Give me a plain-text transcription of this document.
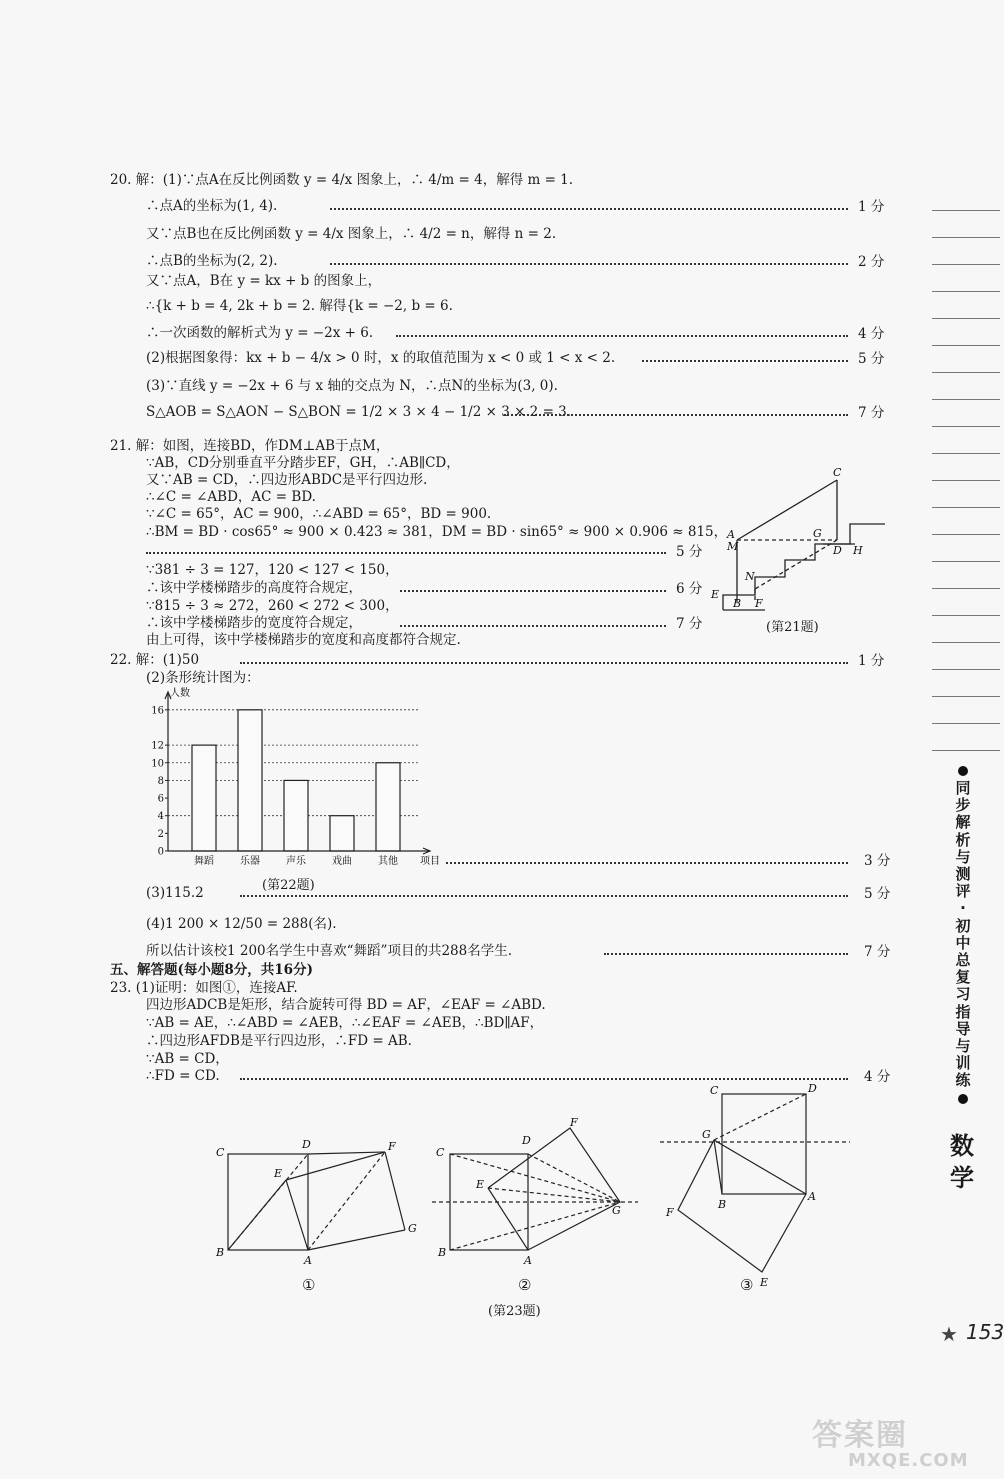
20. 解：(1)∵点A在反比例函数 y = 4/x 图象上，∴ 4/m = 4，解得 m = 1.
∴点A的坐标为(1, 4).	1 分
又∵点B也在反比例函数 y = 4/x 图象上，∴ 4/2 = n，解得 n = 2.
∴点B的坐标为(2, 2).	2 分
又∵点A，B在 y = kx + b 的图象上，
∴{k + b = 4, 2k + b = 2. 解得{k = −2, b = 6.
∴一次函数的解析式为 y = −2x + 6.	4 分
(2)根据图象得：kx + b − 4/x > 0 时，x 的取值范围为 x < 0 或 1 < x < 2.	5 分
(3)∵直线 y = −2x + 6 与 x 轴的交点为 N，∴点N的坐标为(3, 0).
S△AOB = S△AON − S△BON = 1/2 × 3 × 4 − 1/2 × 3 × 2 = 3.	7 分
21. 解：如图，连接BD，作DM⊥AB于点M，
∵AB，CD分别垂直平分踏步EF，GH，∴AB∥CD，
又∵AB = CD，∴四边形ABDC是平行四边形.
∴∠C = ∠ABD，AC = BD.
∵∠C = 65°，AC = 900，∴∠ABD = 65°，BD = 900.
∴BM = BD · cos65° ≈ 900 × 0.423 ≈ 381，DM = BD · sin65° ≈ 900 × 0.906 ≈ 815，
5 分
∵381 ÷ 3 = 127，120 < 127 < 150，
∴该中学楼梯踏步的高度符合规定，	6 分
∵815 ÷ 3 ≈ 272，260 < 272 < 300，
∴该中学楼梯踏步的宽度符合规定，	7 分
由上可得，该中学楼梯踏步的宽度和高度都符合规定.
C
A
M
G
D H
N
E
B F
(第21题)
22. 解：(1)50	1 分
(2)条形统计图为：
0
2
4
6
8
10
12
16
舞蹈	乐器	声乐	戏曲	其他
人数
项目
(第22题)
3 分
(3)115.2	5 分
(4)1 200 × 12/50 = 288(名).
所以估计该校1 200名学生中喜欢“舞蹈”项目的共288名学生.	7 分
五、解答题(每小题8分，共16分)
23. (1)证明：如图①，连接AF.
四边形ADCB是矩形，结合旋转可得 BD = AF，∠EAF = ∠ABD.
∵AB = AE，∴∠ABD = ∠AEB，∴∠EAF = ∠AEB，∴BD∥AF，
∴四边形AFDB是平行四边形，∴FD = AB.
∵AB = CD，
∴FD = CD.	4 分
C
D
E
F
G
B
A
C
D
F
E
G
B
A
C	D
G
A
B
F
E
①	②	③
(第23题)
同
步
解
析
与
测
评
·
初
中
总
复
习
指
导
与
训
练
数
学
★ 153
答案圈
MXQE.COM
